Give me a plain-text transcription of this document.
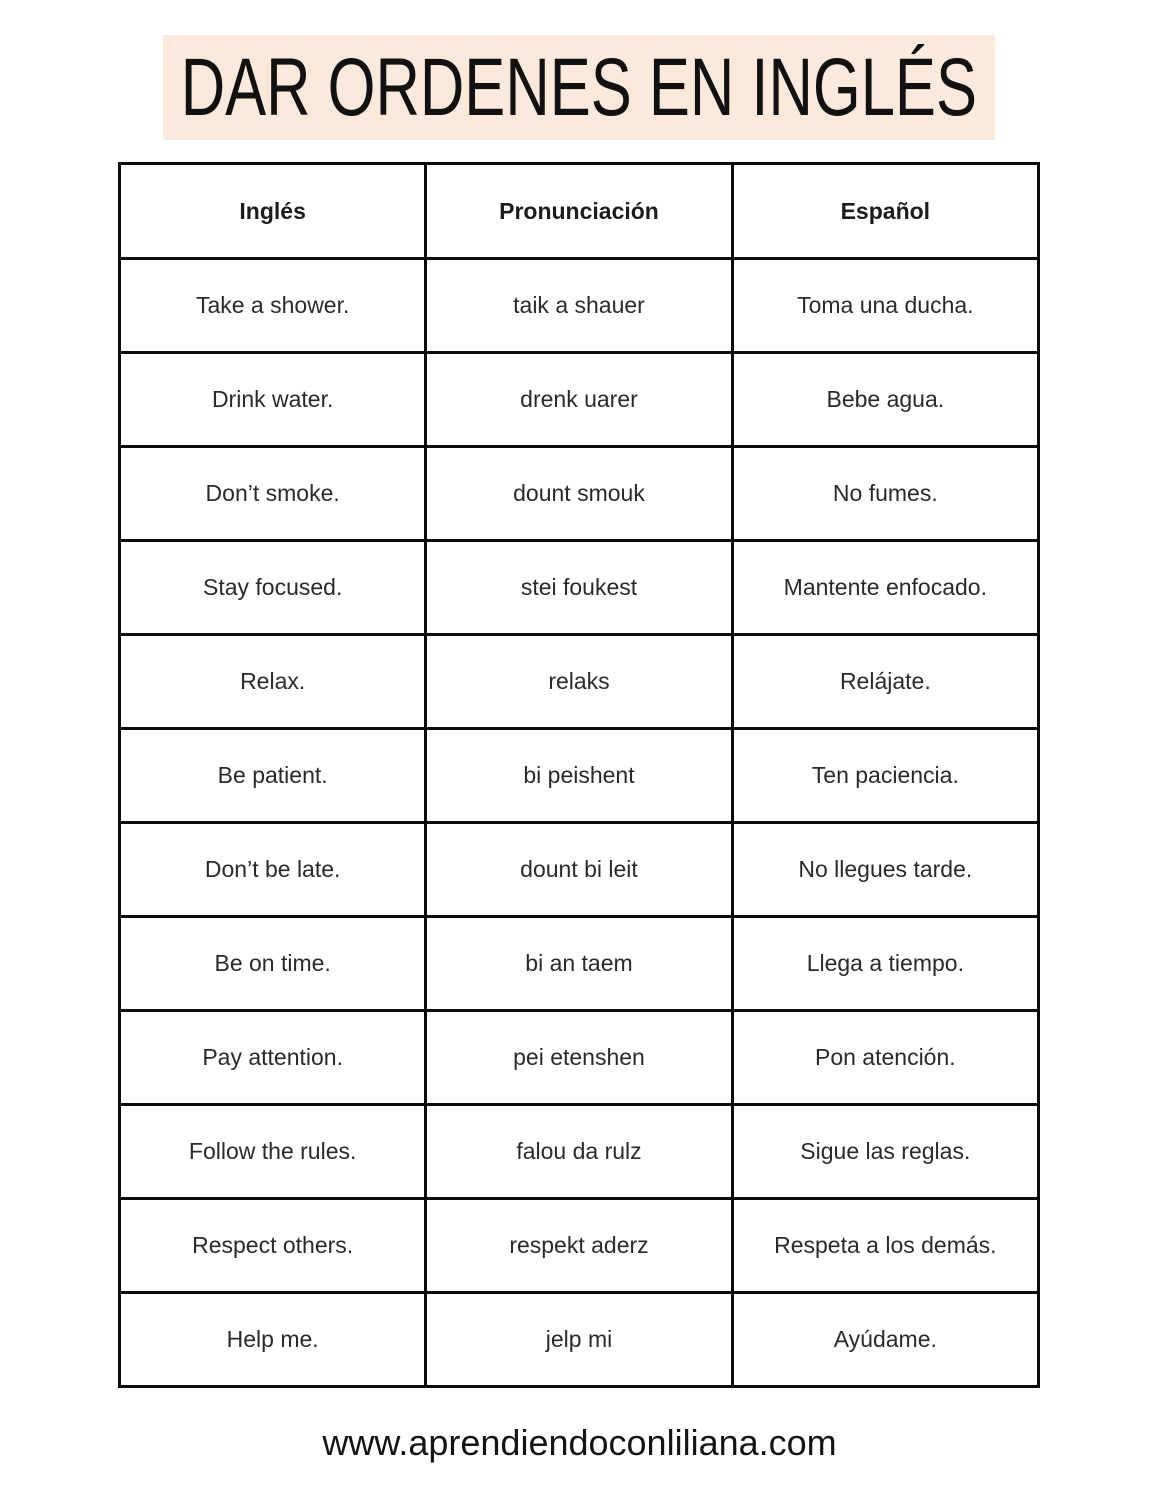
DAR ORDENES EN INGLÉS
Inglés	Pronunciación	Español
Take a shower.	taik a shauer	Toma una ducha.
Drink water.	drenk uarer	Bebe agua.
Don’t smoke.	dount smouk	No fumes.
Stay focused.	stei foukest	Mantente enfocado.
Relax.	relaks	Relájate.
Be patient.	bi peishent	Ten paciencia.
Don’t be late.	dount bi leit	No llegues tarde.
Be on time.	bi an taem	Llega a tiempo.
Pay attention.	pei etenshen	Pon atención.
Follow the rules.	falou da rulz	Sigue las reglas.
Respect others.	respekt aderz	Respeta a los demás.
Help me.	jelp mi	Ayúdame.
www.aprendiendoconliliana.com
